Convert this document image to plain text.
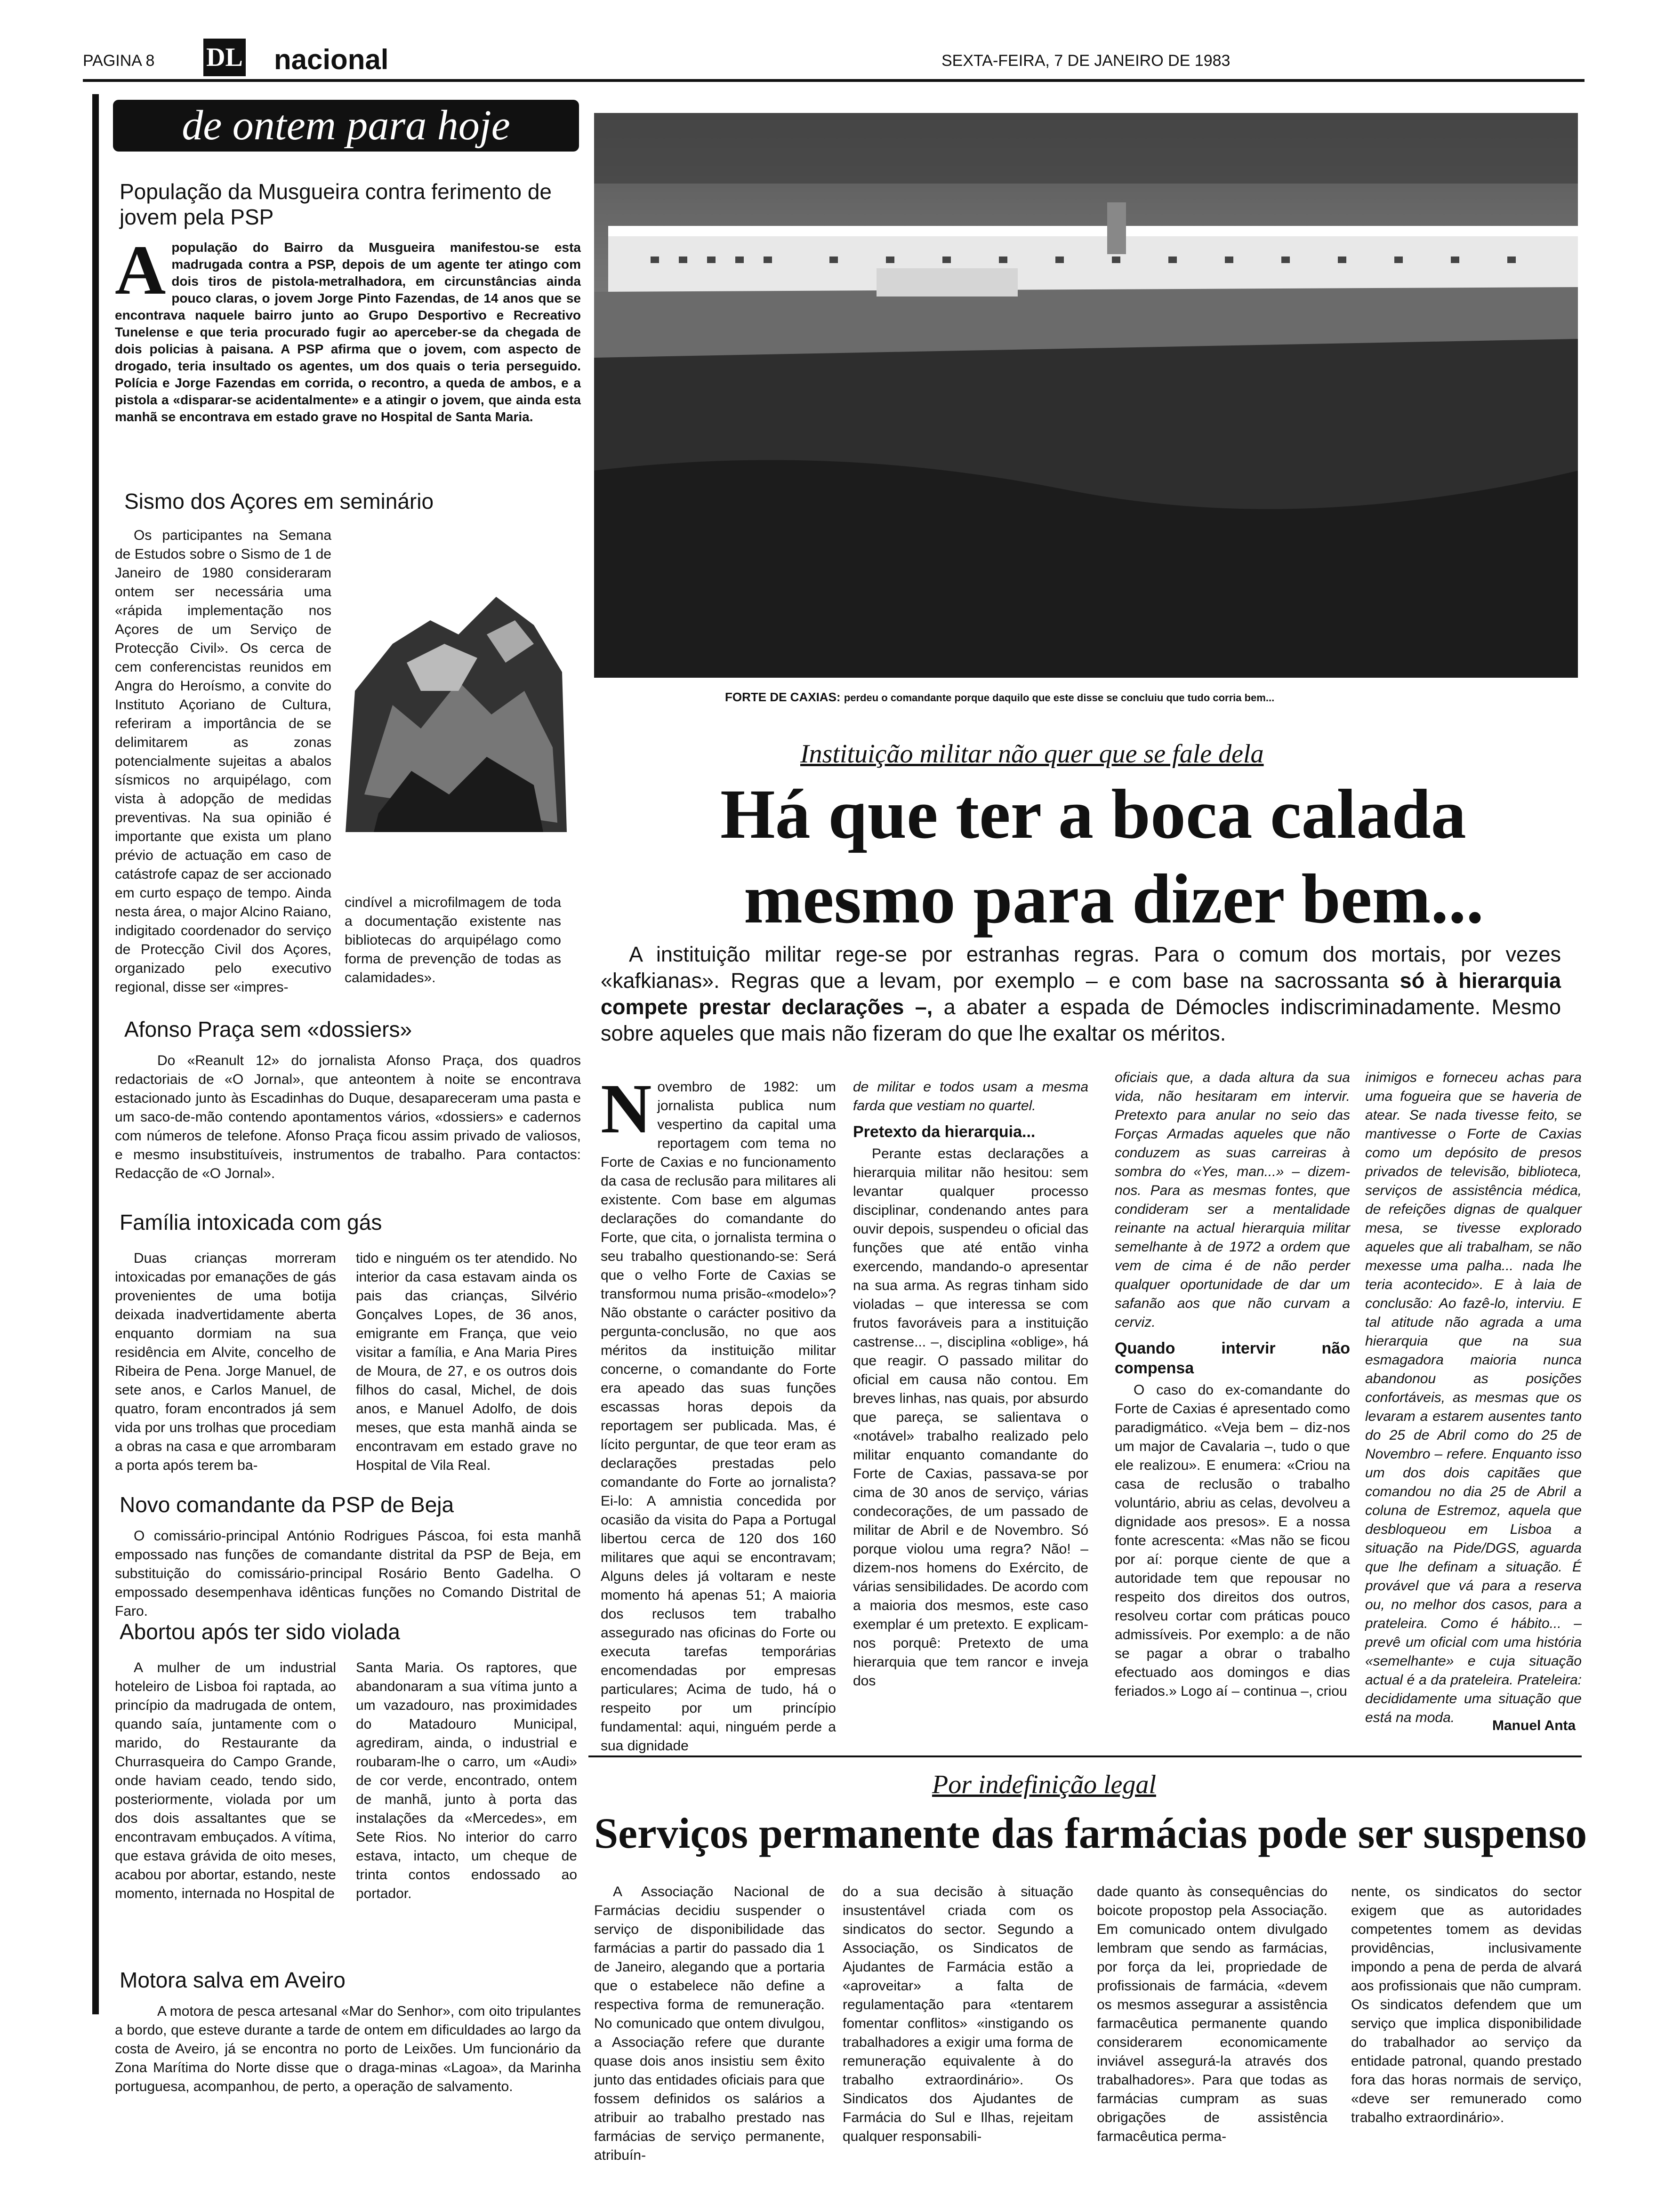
PAGINA 8 DL nacional	SEXTA-FEIRA, 7 DE JANEIRO DE 1983
de ontem para hoje
População da Musgueira contra ferimento de jovem pela PSP
A população do Bairro da Musgueira manifestou-se esta madrugada contra a PSP, depois de um agente ter atingo com dois tiros de pistola-metralhadora, em circunstâncias ainda pouco claras, o jovem Jorge Pinto Fazendas, de 14 anos que se encontrava naquele bairro junto ao Grupo Desportivo e Recreativo Tunelense e que teria procurado fugir ao aperceber-se da chegada de dois policias à paisana. A PSP afirma que o jovem, com aspecto de drogado, teria insultado os agentes, um dos quais o teria perseguido. Polícia e Jorge Fazendas em corrida, o recontro, a queda de ambos, e a pistola a «disparar-se acidentalmente» e a atingir o jovem, que ainda esta manhã se encontrava em estado grave no Hospital de Santa Maria.
Sismo dos Açores em seminário

Os participantes na Semana de Estudos sobre o Sismo de 1 de Janeiro de 1980 consideraram ontem ser necessária uma «rápida implementação nos Açores de um Serviço de Protecção Civil». Os cerca de cem conferencistas reunidos em Angra do Heroísmo, a convite do Instituto Açoriano de Cultura, referiram a importância de se delimitarem as zonas potencialmente sujeitas a abalos sísmicos no arquipélago, com vista à adopção de medidas preventivas. Na sua opinião é importante que exista um plano prévio de actuação em caso de catástrofe capaz de ser accionado em curto espaço de tempo. Ainda nesta área, o major Alcino Raiano, indigitado coordenador do serviço de Protecção Civil dos Açores, organizado pelo executivo regional, disse ser «impres-

cindível a microfilmagem de toda a documentação existente nas bibliotecas do arquipélago como forma de prevenção de todas as calamidades».

Afonso Praça sem «dossiers»

Do «Reanult 12» do jornalista Afonso Praça, dos quadros redactoriais de «O Jornal», que anteontem à noite se encontrava estacionado junto às Escadinhas do Duque, desapareceram uma pasta e um saco-de-mão contendo apontamentos vários, «dossiers» e cadernos com números de telefone. Afonso Praça ficou assim privado de valiosos, e mesmo insubstituíveis, instrumentos de trabalho. Para contactos: Redacção de «O Jornal».

Família intoxicada com gás

Duas crianças morreram intoxicadas por emanações de gás provenientes de uma botija deixada inadvertidamente aberta enquanto dormiam na sua residência em Alvite, concelho de Ribeira de Pena. Jorge Manuel, de sete anos, e Carlos Manuel, de quatro, foram encontrados já sem vida por uns trolhas que procediam a obras na casa e que arrombaram a porta após terem ba-

tido e ninguém os ter atendido. No interior da casa estavam ainda os pais das crianças, Silvério Gonçalves Lopes, de 36 anos, emigrante em França, que veio visitar a família, e Ana Maria Pires de Moura, de 27, e os outros dois filhos do casal, Michel, de dois anos, e Manuel Adolfo, de dois meses, que esta manhã ainda se encontravam em estado grave no Hospital de Vila Real.

Novo comandante da PSP de Beja

O comissário-principal António Rodrigues Páscoa, foi esta manhã empossado nas funções de comandante distrital da PSP de Beja, em substituição do comissário-principal Rosário Bento Gadelha. O empossado desempenhava idênticas funções no Comando Distrital de Faro.

Abortou após ter sido violada

A mulher de um industrial hoteleiro de Lisboa foi raptada, ao princípio da madrugada de ontem, quando saía, juntamente com o marido, do Restaurante da Churrasqueira do Campo Grande, onde haviam ceado, tendo sido, posteriormente, violada por um dos dois assaltantes que se encontravam embuçados. A vítima, que estava grávida de oito meses, acabou por abortar, estando, neste momento, internada no Hospital de

Santa Maria. Os raptores, que abandonaram a sua vítima junto a um vazadouro, nas proximidades do Matadouro Municipal, agrediram, ainda, o industrial e roubaram-lhe o carro, um «Audi» de cor verde, encontrado, ontem de manhã, junto à porta das instalações da «Mercedes», em Sete Rios. No interior do carro estava, intacto, um cheque de trinta contos endossado ao portador.

Motora salva em Aveiro

A motora de pesca artesanal «Mar do Senhor», com oito tripulantes a bordo, que esteve durante a tarde de ontem em dificuldades ao largo da costa de Aveiro, já se encontra no porto de Leixões. Um funcionário da Zona Marítima do Norte disse que o draga-minas «Lagoa», da Marinha portuguesa, acompanhou, de perto, a operação de salvamento.

FORTE DE CAXIAS: perdeu o comandante porque daquilo que este disse se concluiu que tudo corria bem...
Instituição militar não quer que se fale dela
Há que ter a boca calada
mesmo para dizer bem...
A instituição militar rege-se por estranhas regras. Para o comum dos mortais, por vezes «kafkianas». Regras que a levam, por exemplo – e com base na sacrossanta só à hierarquia compete prestar declarações –, a abater a espada de Démocles indiscriminadamente. Mesmo sobre aqueles que mais não fizeram do que lhe exaltar os méritos.
N ovembro de 1982: um jornalista publica num vespertino da capital uma reportagem com tema no Forte de Caxias e no funcionamento da casa de reclusão para militares ali existente. Com base em algumas declarações do comandante do Forte, que cita, o jornalista termina o seu trabalho questionando-se: Será que o velho Forte de Caxias se transformou numa prisão-«modelo»? Não obstante o carácter positivo da pergunta-conclusão, no que aos méritos da instituição militar concerne, o comandante do Forte era apeado das suas funções escassas horas depois da reportagem ser publicada. Mas, é lícito perguntar, de que teor eram as declarações prestadas pelo comandante do Forte ao jornalista? Ei-lo: A amnistia concedida por ocasião da visita do Papa a Portugal libertou cerca de 120 dos 160 militares que aqui se encontravam; Alguns deles já voltaram e neste momento há apenas 51; A maioria dos reclusos tem trabalho assegurado nas oficinas do Forte ou executa tarefas temporárias encomendadas por empresas particulares; Acima de tudo, há o respeito por um princípio fundamental: aqui, ninguém perde a sua dignidade

de militar e todos usam a mesma farda que vestiam no quartel.

Pretexto da hierarquia...

Perante estas declarações a hierarquia militar não hesitou: sem levantar qualquer processo disciplinar, condenando antes para ouvir depois, suspendeu o oficial das funções que até então vinha exercendo, mandando-o apresentar na sua arma. As regras tinham sido violadas – que interessa se com frutos favoráveis para a instituição castrense... –, disciplina «oblige», há que reagir. O passado militar do oficial em causa não contou. Em breves linhas, nas quais, por absurdo que pareça, se salientava o «notável» trabalho realizado pelo militar enquanto comandante do Forte de Caxias, passava-se por cima de 30 anos de serviço, várias condecorações, de um passado de militar de Abril e de Novembro. Só porque violou uma regra? Não! – dizem-nos homens do Exército, de várias sensibilidades. De acordo com a maioria dos mesmos, este caso exemplar é um pretexto. E explicam-nos porquê: Pretexto de uma hierarquia que tem rancor e inveja dos

oficiais que, a dada altura da sua vida, não hesitaram em intervir. Pretexto para anular no seio das Forças Armadas aqueles que não conduzem as suas carreiras à sombra do «Yes, man...» – dizem-nos. Para as mesmas fontes, que condideram ser a mentalidade reinante na actual hierarquia militar semelhante à de 1972 a ordem que vem de cima é de não perder qualquer oportunidade de dar um safanão aos que não curvam a cerviz.

Quando intervir não compensa

O caso do ex-comandante do Forte de Caxias é apresentado como paradigmático. «Veja bem – diz-nos um major de Cavalaria –, tudo o que ele realizou». E enumera: «Criou na casa de reclusão o trabalho voluntário, abriu as celas, devolveu a dignidade aos presos». E a nossa fonte acrescenta: «Mas não se ficou por aí: porque ciente de que a autoridade tem que repousar no respeito dos direitos dos outros, resolveu cortar com práticas pouco admissíveis. Por exemplo: a de não se pagar a obrar o trabalho efectuado aos domingos e dias feriados.» Logo aí – continua –, criou

inimigos e forneceu achas para uma fogueira que se haveria de atear. Se nada tivesse feito, se mantivesse o Forte de Caxias como um depósito de presos privados de televisão, biblioteca, serviços de assistência médica, de refeições dignas de qualquer mesa, se tivesse explorado aqueles que ali trabalham, se não mexesse uma palha... nada lhe teria acontecido». E à laia de conclusão: Ao fazê-lo, interviu. E tal atitude não agrada a uma hierarquia que na sua esmagadora maioria nunca abandonou as posições confortáveis, as mesmas que os levaram a estarem ausentes tanto do 25 de Abril como do 25 de Novembro – refere. Enquanto isso um dos dois capitães que comandou no dia 25 de Abril a coluna de Estremoz, aquela que desbloqueou em Lisboa a situação na Pide/DGS, aguarda que lhe definam a situação. É provável que vá para a reserva ou, no melhor dos casos, para a prateleira. Como é hábito... – prevê um oficial com uma história «semelhante» e cuja situação actual é a da prateleira. Prateleira: decididamente uma situação que está na moda.

Manuel Anta
Por indefinição legal
Serviços permanente das farmácias pode ser suspenso

A Associação Nacional de Farmácias decidiu suspender o serviço de disponibilidade das farmácias a partir do passado dia 1 de Janeiro, alegando que a portaria que o estabelece não define a respectiva forma de remuneração. No comunicado que ontem divulgou, a Associação refere que durante quase dois anos insistiu sem êxito junto das entidades oficiais para que fossem definidos os salários a atribuir ao trabalho prestado nas farmácias de serviço permanente, atribuín-

do a sua decisão à situação insustentável criada com os sindicatos do sector. Segundo a Associação, os Sindicatos de Ajudantes de Farmácia estão a «aproveitar» a falta de regulamentação para «tentarem fomentar conflitos» «instigando os trabalhadores a exigir uma forma de remuneração equivalente à do trabalho extraordinário». Os Sindicatos dos Ajudantes de Farmácia do Sul e Ilhas, rejeitam qualquer responsabili-

dade quanto às consequências do boicote propostop pela Associação. Em comunicado ontem divulgado lembram que sendo as farmácias, por força da lei, propriedade de profissionais de farmácia, «devem os mesmos assegurar a assistência farmacêutica permanente quando considerarem economicamente inviável assegurá-la através dos trabalhadores». Para que todas as farmácias cumpram as suas obrigações de assistência farmacêutica perma-

nente, os sindicatos do sector exigem que as autoridades competentes tomem as devidas providências, inclusivamente impondo a pena de perda de alvará aos profissionais que não cumpram. Os sindicatos defendem que um serviço que implica disponibilidade do trabalhador ao serviço da entidade patronal, quando prestado fora das horas normais de serviço, «deve ser remunerado como trabalho extraordinário».
